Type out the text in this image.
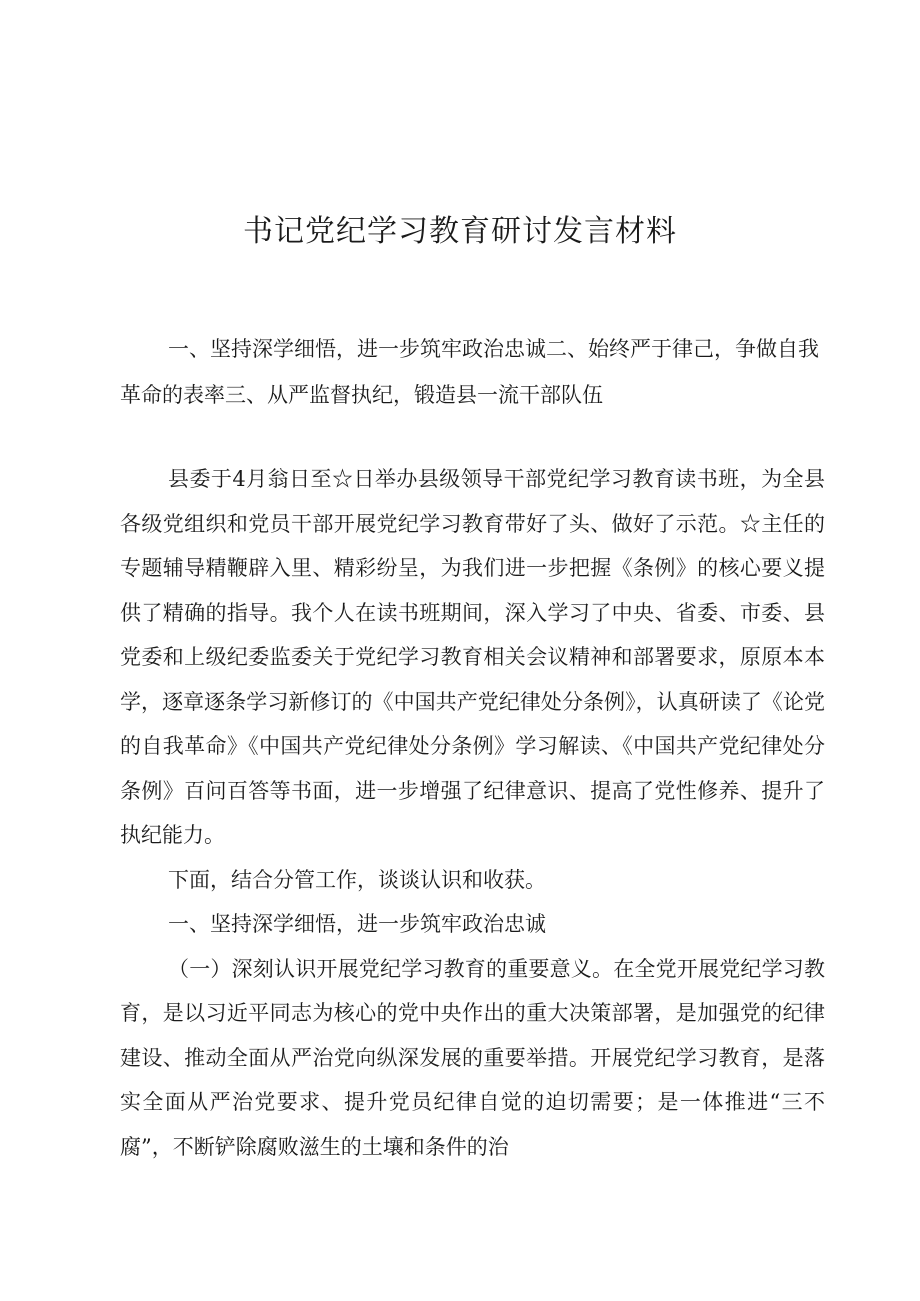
书记党纪学习教育研讨发言材料

一、坚持深学细悟，进一步筑牢政治忠诚二、始终严于律己，争做自我革命的表率三、从严监督执纪，锻造县一流干部队伍

县委于4月翁日至☆日举办县级领导干部党纪学习教育读书班，为全县各级党组织和党员干部开展党纪学习教育带好了头、做好了示范。☆主任的专题辅导精鞭辟入里、精彩纷呈，为我们进一步把握《条例》的核心要义提供了精确的指导。我个人在读书班期间，深入学习了中央、省委、市委、县党委和上级纪委监委关于党纪学习教育相关会议精神和部署要求，原原本本学，逐章逐条学习新修订的《中国共产党纪律处分条例》，认真研读了《论党的自我革命》《中国共产党纪律处分条例》学习解读、《中国共产党纪律处分条例》百问百答等书面，进一步增强了纪律意识、提高了党性修养、提升了执纪能力。

下面，结合分管工作，谈谈认识和收获。

一、坚持深学细悟，进一步筑牢政治忠诚

（一）深刻认识开展党纪学习教育的重要意义。在全党开展党纪学习教育，是以习近平同志为核心的党中央作出的重大决策部署，是加强党的纪律建设、推动全面从严治党向纵深发展的重要举措。开展党纪学习教育，是落实全面从严治党要求、提升党员纪律自觉的迫切需要；是一体推进“三不腐”，不断铲除腐败滋生的土壤和条件的治
